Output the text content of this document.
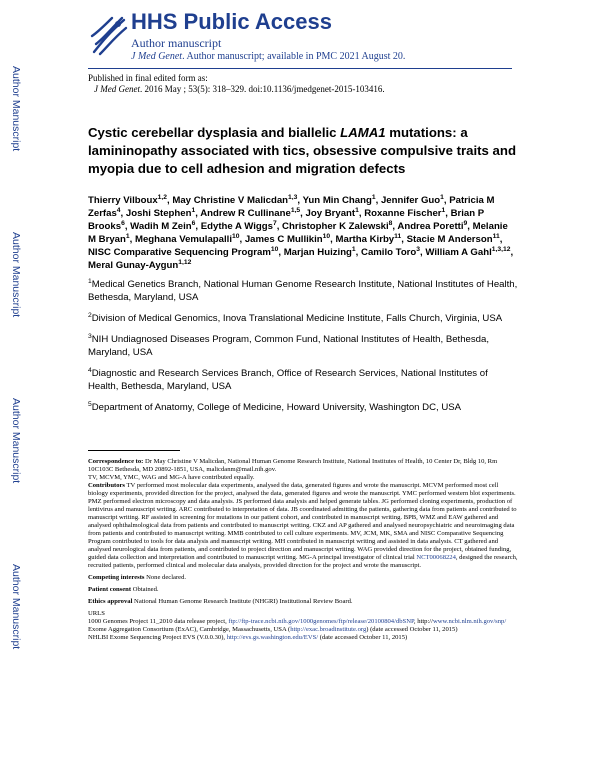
Author Manuscript
Author Manuscript
Author Manuscript
Author Manuscript
HHS Public Access
Author manuscript
J Med Genet. Author manuscript; available in PMC 2021 August 20.
Published in final edited form as:
J Med Genet. 2016 May ; 53(5): 318–329. doi:10.1136/jmedgenet-2015-103416.
Cystic cerebellar dysplasia and biallelic LAMA1 mutations: a lamininopathy associated with tics, obsessive compulsive traits and myopia due to cell adhesion and migration defects
Thierry Vilboux$^{1,2}$, May Christine V Malicdan$^{1,3}$, Yun Min Chang$^1$, Jennifer Guo$^1$, Patricia M Zerfas$^4$, Joshi Stephen$^1$, Andrew R Cullinane$^{1,5}$, Joy Bryant$^1$, Roxanne Fischer$^1$, Brian P Brooks$^6$, Wadih M Zein$^6$, Edythe A Wiggs$^7$, Christopher K Zalewski$^8$, Andrea Poretti$^9$, Melanie M Bryan$^1$, Meghana Vemulapalli$^{10}$, James C Mullikin$^{10}$, Martha Kirby$^{11}$, Stacie M Anderson$^{11}$, NISC Comparative Sequencing Program$^{10}$, Marjan Huizing$^1$, Camilo Toro$^3$, William A Gahl$^{1,3,12}$, Meral Gunay-Aygun$^{1,12}$

$^1$Medical Genetics Branch, National Human Genome Research Institute, National Institutes of Health, Bethesda, Maryland, USA

$^2$Division of Medical Genomics, Inova Translational Medicine Institute, Falls Church, Virginia, USA

$^3$NIH Undiagnosed Diseases Program, Common Fund, National Institutes of Health, Bethesda, Maryland, USA

$^4$Diagnostic and Research Services Branch, Office of Research Services, National Institutes of Health, Bethesda, Maryland, USA

$^5$Department of Anatomy, College of Medicine, Howard University, Washington DC, USA

Correspondence to: Dr May Christine V Malicdan, National Human Genome Research Institute, National Institutes of Health, 10 Center Dr, Bldg 10, Rm 10C103C Bethesda, MD 20892-1851, USA, malicdanm@mail.nih.gov.
TV, MCVM, YMC, WAG and MG-A have contributed equally.
Contributors TV performed most molecular data experiments, analysed the data, generated figures and wrote the manuscript. MCVM performed most cell biology experiments, provided direction for the project, analysed the data, generated figures and wrote the manuscript. YMC performed western blot experiments. PMZ performed electron microscopy and data analysis. JS performed data analysis and helped generate tables. JG performed cloning experiments, production of lentivirus and manuscript writing. ARC contributed to interpretation of data. JB coordinated admitting the patients, gathering data from patients and contributed to manuscript writing. RF assisted in screening for mutations in our patient cohort, and contributed in manuscript writing. BPB, WMZ and EAW gathered and analysed ophthalmological data from patients and contributed to manuscript writing. CKZ and AP gathered and analysed neuropsychiatric and neuroimaging data from patients and contributed to manuscript writing. MMB contributed to cell culture experiments. MV, JCM, MK, SMA and NISC Comparative Sequencing Program contributed to tools for data analysis and manuscript writing. MH contributed in manuscript writing and assisted in data analysis. CT gathered and analysed neurological data from patients, and contributed to project direction and manuscript writing. WAG provided direction for the project, obtained funding, guided data collection and interpretation and contributed to manuscript writing. MG-A principal investigator of clinical trial NCT00068224, designed the research, recruited patients, performed clinical and molecular data analysis, provided direction for the project and wrote the manuscript.

Competing interests None declared.

Patient consent Obtained.

Ethics approval National Human Genome Research Institute (NHGRI) Institutional Review Board.

URLS
1000 Genomes Project 11_2010 data release project, ftp://ftp-trace.ncbi.nih.gov/1000genomes/ftp/release/20100804/dbSNP, http://www.ncbi.nlm.nih.gov/snp/
Exome Aggregation Consortium (ExAC), Cambridge, Massachusetts, USA (http://exac.broadinstitute.org) (date accessed October 11, 2015)
NHLBI Exome Sequencing Project EVS (V.0.0.30), http://evs.gs.washington.edu/EVS/ (date accessed October 11, 2015)
